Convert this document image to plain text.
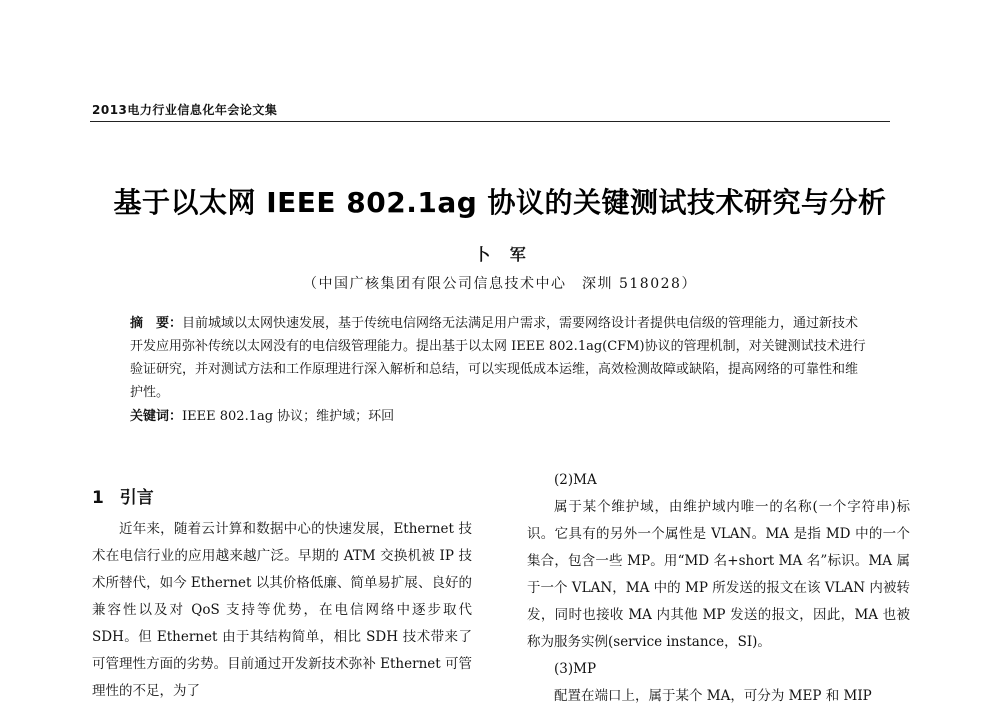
2013电力行业信息化年会论文集
基于以太网 IEEE 802.1ag 协议的关键测试技术研究与分析
卜 军
（中国广核集团有限公司信息技术中心　深圳 518028）
摘　要：目前城域以太网快速发展，基于传统电信网络无法满足用户需求，需要网络设计者提供电信级的管理能力，通过新技术开发应用弥补传统以太网没有的电信级管理能力。提出基于以太网 IEEE 802.1ag(CFM)协议的管理机制，对关键测试技术进行验证研究，并对测试方法和工作原理进行深入解析和总结，可以实现低成本运维，高效检测故障或缺陷，提高网络的可靠性和维护性。
关键词：IEEE 802.1ag 协议；维护域；环回
1 引言

近年来，随着云计算和数据中心的快速发展，Ethernet 技术在电信行业的应用越来越广泛。早期的 ATM 交换机被 IP 技术所替代，如今 Ethernet 以其价格低廉、简单易扩展、良好的兼容性以及对 QoS 支持等优势，在电信网络中逐步取代 SDH。但 Ethernet 由于其结构简单，相比 SDH 技术带来了可管理性方面的劣势。目前通过开发新技术弥补 Ethernet 可管理性的不足，为了

(2)MA

属于某个维护域，由维护域内唯一的名称(一个字符串)标识。它具有的另外一个属性是 VLAN。MA 是指 MD 中的一个集合，包含一些 MP。用“MD 名+short MA 名”标识。MA 属于一个 VLAN，MA 中的 MP 所发送的报文在该 VLAN 内被转发，同时也接收 MA 内其他 MP 发送的报文，因此，MA 也被称为服务实例(service instance，SI)。

(3)MP

配置在端口上，属于某个 MA，可分为 MEP 和 MIP
